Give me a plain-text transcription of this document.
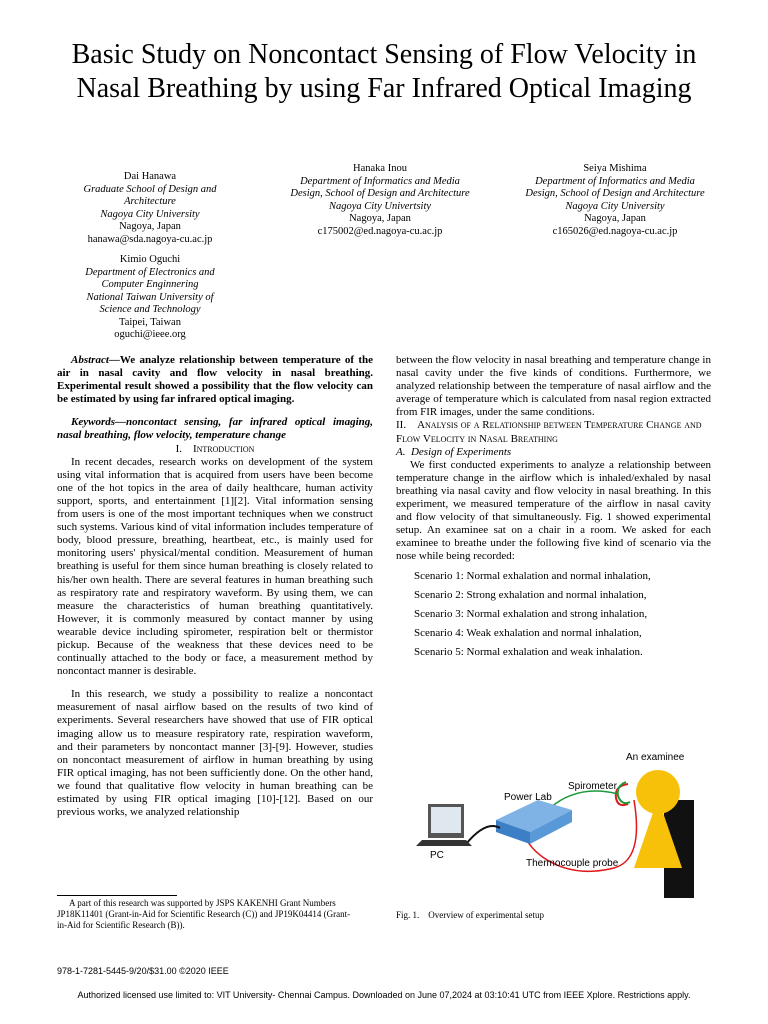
Basic Study on Noncontact Sensing of Flow Velocity in Nasal Breathing by using Far Infrared Optical Imaging
Dai Hanawa
Graduate School of Design and Architecture
Nagoya City University
Nagoya, Japan
hanawa@sda.nagoya-cu.ac.jp
Hanaka Inou
Department of Informatics and Media Design, School of Design and Architecture
Nagoya City Univertsity
Nagoya, Japan
c175002@ed.nagoya-cu.ac.jp
Seiya Mishima
Department of Informatics and Media Design, School of Design and Architecture
Nagoya City University
Nagoya, Japan
c165026@ed.nagoya-cu.ac.jp
Kimio Oguchi
Department of Electronics and Computer Enginnering
National Taiwan University of Science and Technology
Taipei, Taiwan
oguchi@ieee.org

Abstract—We analyze relationship between temperature of the air in nasal cavity and flow velocity in nasal breathing. Experimental result showed a possibility that the flow velocity can be estimated by using far infrared optical imaging.

Keywords—noncontact sensing, far infrared optical imaging, nasal breathing, flow velocity, temperature change

I. Introduction

In recent decades, research works on development of the system using vital information that is acquired from users have been become one of the hot topics in the area of daily healthcare, human activity support, sports, and entertainment [1][2]. Vital information sensing from users is one of the most important techniques when we construct such systems. Various kind of vital information includes temperature of body, blood pressure, breathing, heartbeat, etc., is mainly used for monitoring users' physical/mental condition. Measurement of human breathing is useful for them since human breathing is closely related to his/her own health. There are several features in human breathing such as respiratory rate and respiratory waveform. By using them, we can measure the characteristics of human breathing quantitatively. However, it is commonly measured by contact manner by using wearable device including spirometer, respiration belt or thermistor pickup. Because of the weakness that these devices need to be continually attached to the body or face, a measurement method by noncontact manner is desirable.

In this research, we study a possibility to realize a noncontact measurement of nasal airflow based on the results of two kind of experiments. Several researchers have showed that use of FIR optical imaging allow us to measure respiratory rate, respiration waveform, and their parameters by noncontact manner [3]-[9]. However, studies on noncontact measurement of airflow in human breathing by using FIR optical imaging, has not been sufficiently done. On the other hand, we found that qualitative flow velocity in human breathing can be estimated by using FIR optical imaging [10]-[12]. Based on our previous works, we analyzed relationship

A part of this research was supported by JSPS KAKENHI Grant Numbers JP18K11401 (Grant-in-Aid for Scientific Research (C)) and JP19K04414 (Grant-in-Aid for Scientific Research (B)).

between the flow velocity in nasal breathing and temperature change in nasal cavity under the five kinds of conditions. Furthermore, we analyzed relationship between the temperature of nasal airflow and the average of temperature which is calculated from nasal region extracted from FIR images, under the same conditions.

II. Analysis of a Relationship between Temperature Change and Flow Velocity in Nasal Breathing

A. Design of Experiments

We first conducted experiments to analyze a relationship between temperature change in the airflow which is inhaled/exhaled by nasal breathing via nasal cavity and flow velocity in nasal breathing. In this experiment, we measured temperature of the airflow in nasal cavity and flow velocity of that simultaneously. Fig. 1 showed experimental setup. An examinee sat on a chair in a room. We asked for each examinee to breathe under the following five kind of scenario via the nose while being recorded:

Scenario 1: Normal exhalation and normal inhalation,

Scenario 2: Strong exhalation and normal inhalation,

Scenario 3: Normal exhalation and strong inhalation,

Scenario 4: Weak exhalation and normal inhalation,

Scenario 5: Normal exhalation and weak inhalation.

An examinee
Spirometer
Power Lab
PC
Thermocouple probe
Fig. 1. Overview of experimental setup
978-1-7281-5445-9/20/$31.00 ©2020 IEEE
Authorized licensed use limited to: VIT University- Chennai Campus. Downloaded on June 07,2024 at 03:10:41 UTC from IEEE Xplore. Restrictions apply.
